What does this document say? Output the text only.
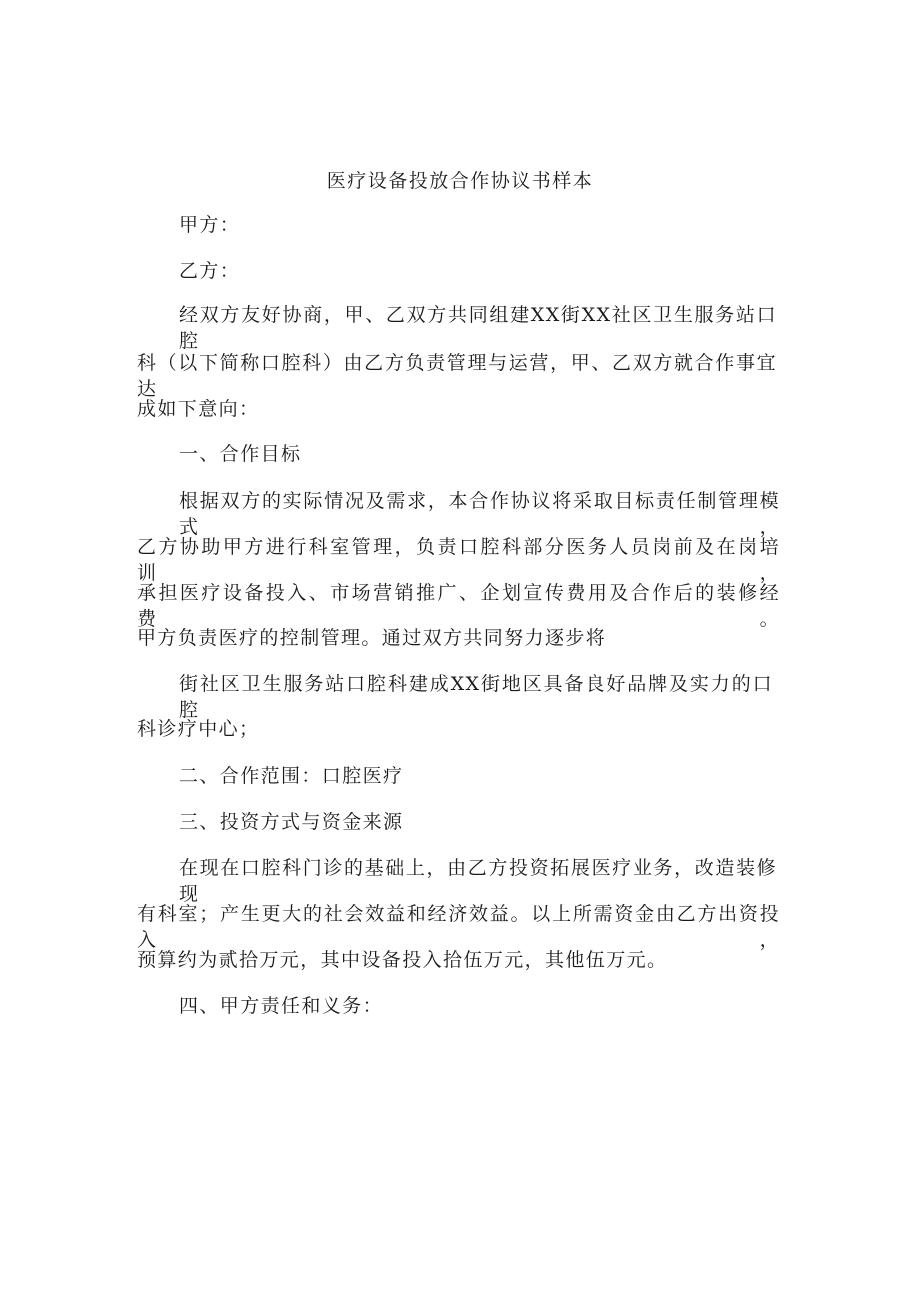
医疗设备投放合作协议书样本

甲方：

乙方：

经双方友好协商，甲、乙双方共同组建XX街XX社区卫生服务站口腔

科（以下简称口腔科）由乙方负责管理与运营，甲、乙双方就合作事宜达

成如下意向：

一、合作目标

根据双方的实际情况及需求，本合作协议将采取目标责任制管理模式，

乙方协助甲方进行科室管理，负责口腔科部分医务人员岗前及在岗培训，

承担医疗设备投入、市场营销推广、企划宣传费用及合作后的装修经费。

甲方负责医疗的控制管理。通过双方共同努力逐步将

街社区卫生服务站口腔科建成XX街地区具备良好品牌及实力的口腔

科诊疗中心；

二、合作范围：口腔医疗

三、投资方式与资金来源

在现在口腔科门诊的基础上，由乙方投资拓展医疗业务，改造装修现

有科室；产生更大的社会效益和经济效益。以上所需资金由乙方出资投入，

预算约为贰拾万元，其中设备投入拾伍万元，其他伍万元。

四、甲方责任和义务：
